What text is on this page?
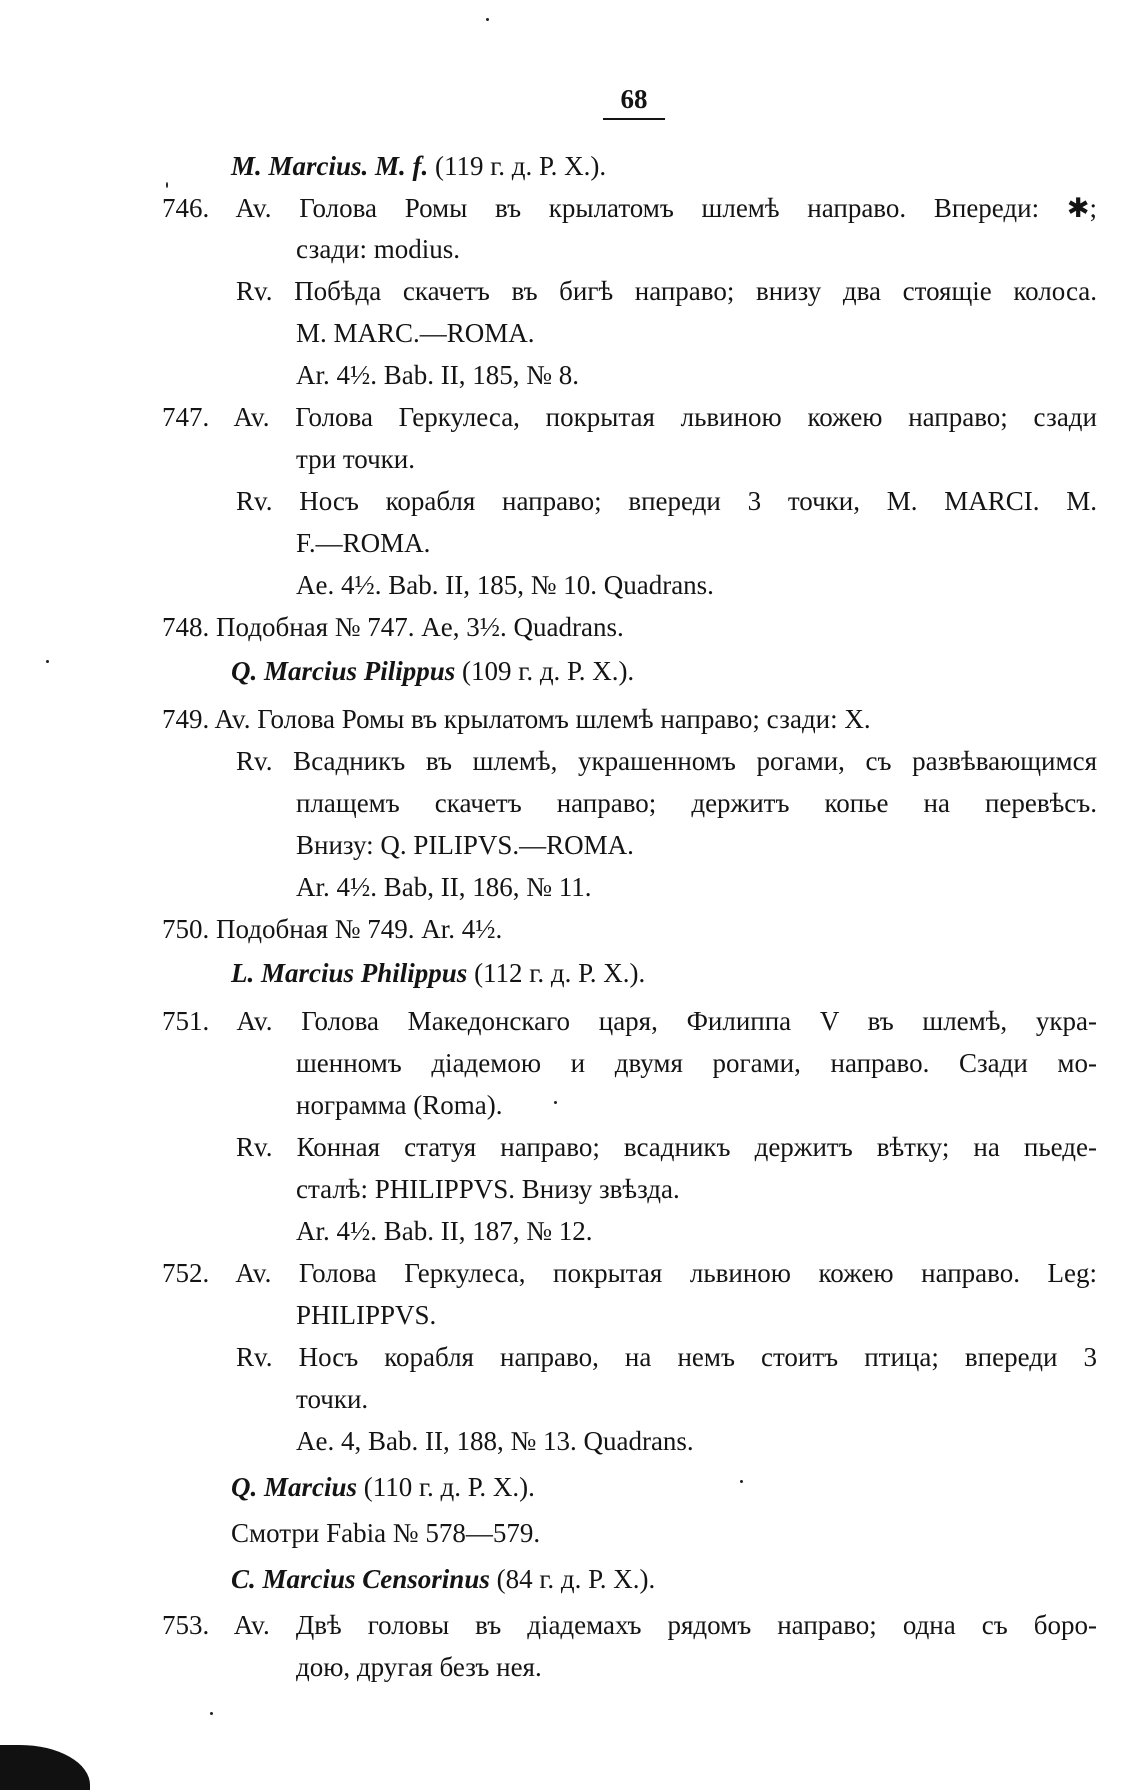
68
M. Marcius. M. f. (119 г. д. Р. X.).
746. Av. Голова Ромы въ крылатомъ шлемѣ направо. Впереди: ✱;
сзади: modius.
Rv. Побѣда скачетъ въ бигѣ направо; внизу два стоящіе колоса.
M. MARC.—ROMA.
Ar. 4½. Bab. II, 185, № 8.
747. Av. Голова Геркулеса, покрытая львиною кожею направо; сзади
три точки.
Rv. Носъ корабля направо; впереди 3 точки, M. MARCI. M.
F.—ROMA.
Ae. 4½. Bab. II, 185, № 10. Quadrans.
748. Подобная № 747. Ae, 3½. Quadrans.
Q. Marcius Pilippus (109 г. д. Р. X.).
749. Av. Голова Ромы въ крылатомъ шлемѣ направо; сзади: X.
Rv. Всадникъ въ шлемѣ, украшенномъ рогами, съ развѣвающимся
плащемъ скачетъ направо; держитъ копье на перевѣсъ.
Внизу: Q. PILIPVS.—ROMA.
Ar. 4½. Bab, II, 186, № 11.
750. Подобная № 749. Ar. 4½.
L. Marcius Philippus (112 г. д. Р. X.).
751. Av. Голова Македонскаго царя, Филиппа V въ шлемѣ, укра-
шенномъ діадемою и двумя рогами, направо. Сзади мо-
нограмма (Roma).
Rv. Конная статуя направо; всадникъ держитъ вѣтку; на пьеде-
сталѣ: PHILIPPVS. Внизу звѣзда.
Ar. 4½. Bab. II, 187, № 12.
752. Av. Голова Геркулеса, покрытая львиною кожею направо. Leg:
PHILIPPVS.
Rv. Носъ корабля направо, на немъ стоитъ птица; впереди 3
точки.
Ae. 4, Bab. II, 188, № 13. Quadrans.
Q. Marcius (110 г. д. Р. X.).
Смотри Fabia № 578—579.
C. Marcius Censorinus (84 г. д. Р. X.).
753. Av. Двѣ головы въ діадемахъ рядомъ направо; одна съ боро-
дою, другая безъ нея.
